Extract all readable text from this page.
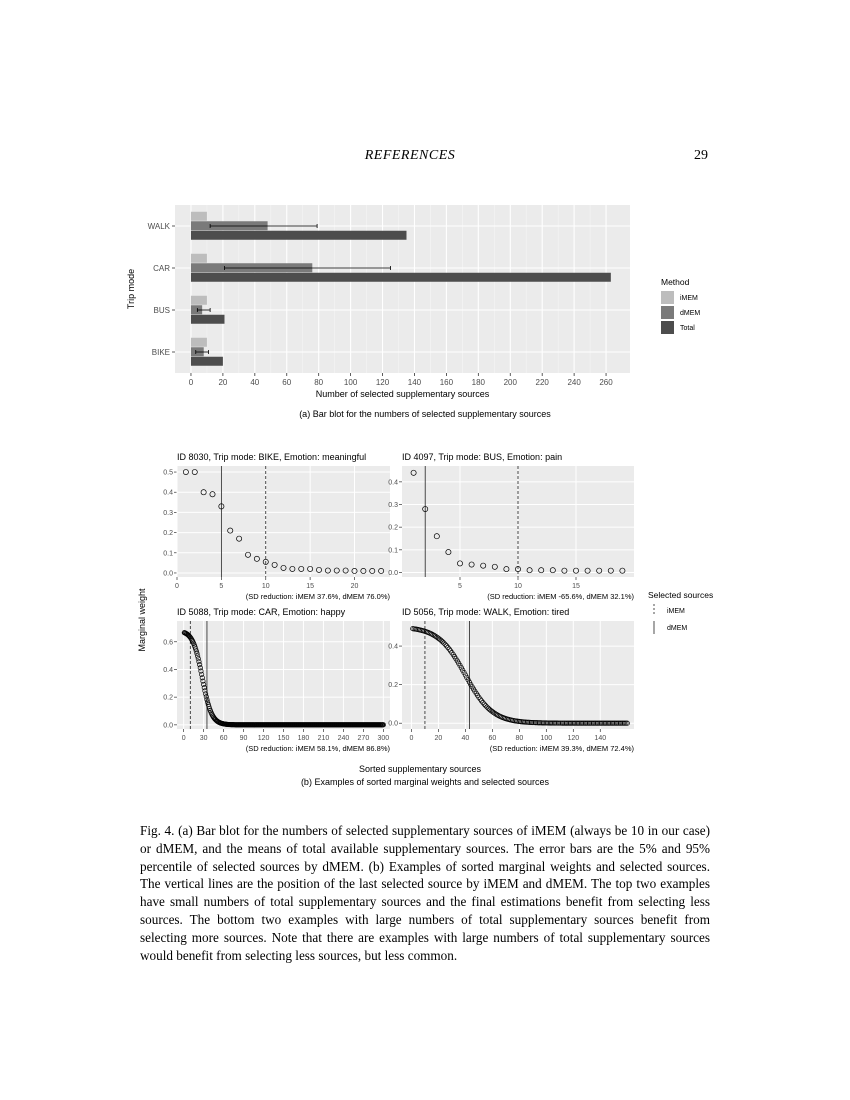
REFERENCES	29
0	20	40	60	80	100 120 140 160 180 200 220 240 260
WALK
CAR
BUS
BIKE
Number of selected supplementary sources
Trip mode	Method
iMEM
dMEM
Total
(a) Bar blot for the numbers of selected supplementary sources
ID 8030, Trip mode: BIKE, Emotion: meaningful
0.0
0.1
0.2
0.3
0.4
0.5
0	5	10	15	20
(SD reduction: iMEM 37.6%, dMEM 76.0%)
ID 4097, Trip mode: BUS, Emotion: pain
0.0
0.1
0.2
0.3
0.4
5	10	15
(SD reduction: iMEM -65.6%, dMEM 32.1%)
ID 5088, Trip mode: CAR, Emotion: happy
0.0
0.2
0.4
0.6
0 30 60 90 120 150 180 210 240 270 300
(SD reduction: iMEM 58.1%, dMEM 86.8%)
ID 5056, Trip mode: WALK, Emotion: tired
0.0
0.2
0.4
0	20	40	60	80 100 120 140
(SD reduction: iMEM 39.3%, dMEM 72.4%)
Marginal weight
Sorted supplementary sources
(b) Examples of sorted marginal weights and selected sources
Selected sources
iMEM
dMEM
Fig. 4. (a) Bar blot for the numbers of selected supplementary sources of iMEM (always be 10 in our case) or dMEM, and the means of total available supplementary sources. The error bars are the 5% and 95% percentile of selected sources by dMEM. (b) Examples of sorted marginal weights and selected sources. The vertical lines are the position of the last selected source by iMEM and dMEM. The top two examples have small numbers of total supplementary sources and the final estimations benefit from selecting less sources. The bottom two examples with large numbers of total supplementary sources benefit from selecting more sources. Note that there are examples with large numbers of total supplementary sources would benefit from selecting less sources, but less common.
